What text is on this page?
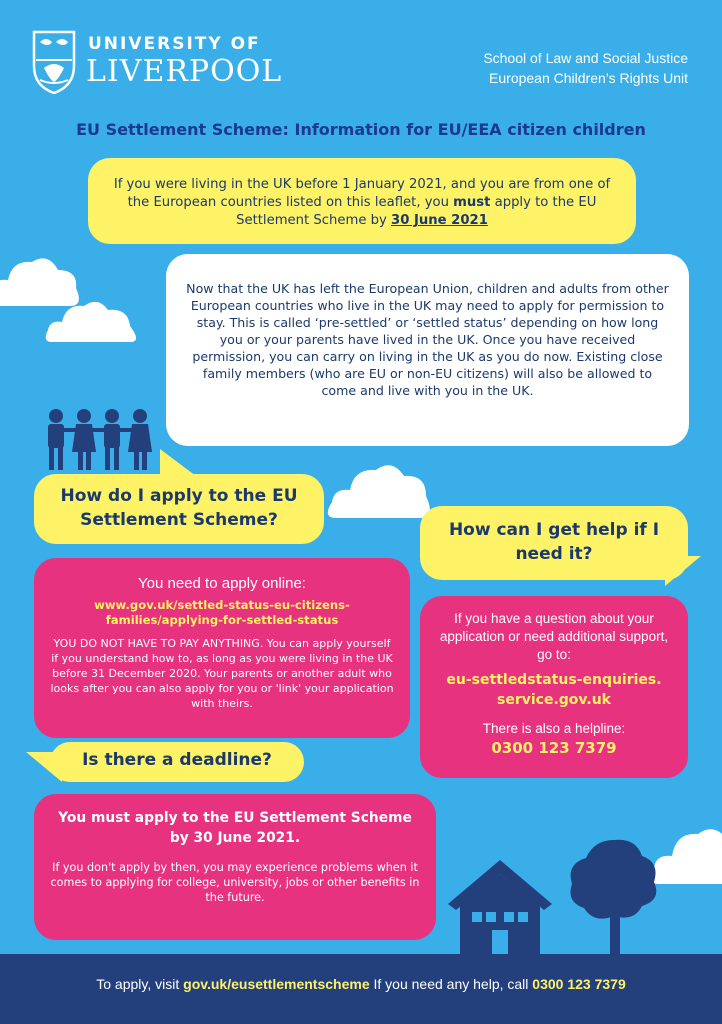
UNIVERSITY OF
LIVERPOOL	School of Law and Social Justice
European Children’s Rights Unit
EU Settlement Scheme: Information for EU/EEA citizen children
If you were living in the UK before 1 January 2021, and you are from one of the European countries listed on this leaflet, you must apply to the EU Settlement Scheme by 30 June 2021
Now that the UK has left the European Union, children and adults from other European countries who live in the UK may need to apply for permission to stay. This is called ‘pre-settled’ or ‘settled status’ depending on how long you or your parents have lived in the UK. Once you have received permission, you can carry on living in the UK as you do now. Existing close family members (who are EU or non-EU citizens) will also be allowed to come and live with you in the UK.
How do I apply to the EU Settlement Scheme?	How can I get help if I need it?
You need to apply online:
www.gov.uk/settled-status-eu-citizens-families/applying-for-settled-status
YOU DO NOT HAVE TO PAY ANYTHING. You can apply yourself if you understand how to, as long as you were living in the UK before 31 December 2020. Your parents or another adult who looks after you can also apply for you or 'link' your application with theirs.
If you have a question about your application or need additional support, go to:
eu-settledstatus-enquiries.
service.gov.uk
There is also a helpline:
0300 123 7379
Is there a deadline?
You must apply to the EU Settlement Scheme by 30 June 2021.
If you don't apply by then, you may experience problems when it comes to applying for college, university, jobs or other benefits in the future.
To apply, visit gov.uk/eusettlementscheme If you need any help, call 0300 123 7379
